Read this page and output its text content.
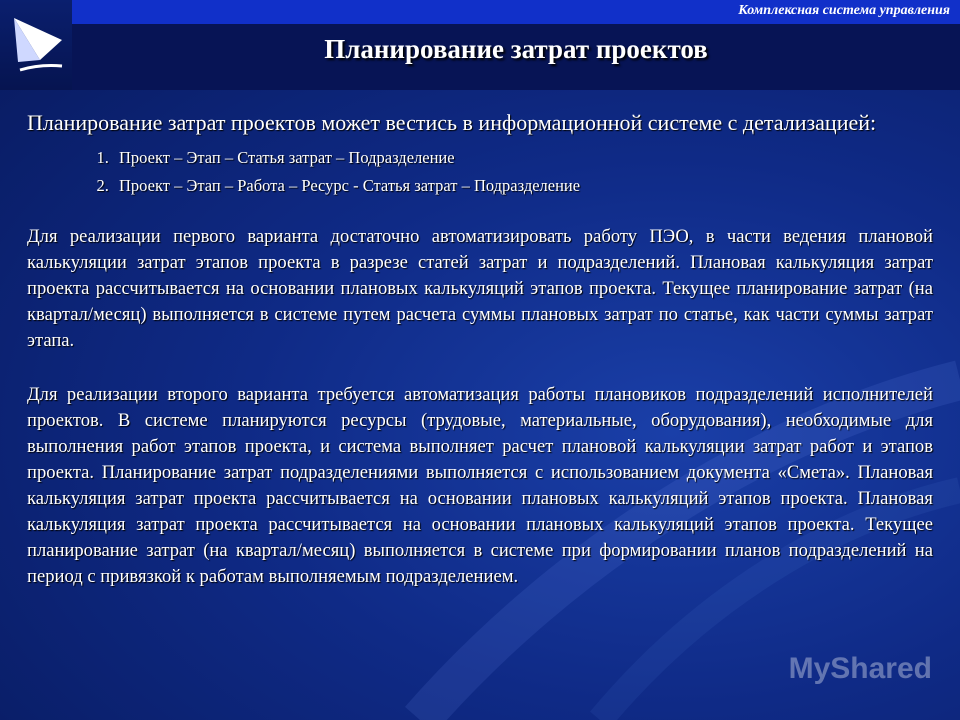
Комплексная система управления
Планирование затрат проектов

Планирование затрат проектов может вестись в информационной системе с детализацией:

1. Проект – Этап – Статья затрат – Подразделение
2. Проект – Этап – Работа – Ресурс - Статья затрат – Подразделение

Для реализации первого варианта достаточно автоматизировать работу ПЭО, в части ведения плановой калькуляции затрат этапов проекта в разрезе статей затрат и подразделений. Плановая калькуляция затрат проекта рассчитывается на основании плановых калькуляций этапов проекта. Текущее планирование затрат (на квартал/месяц) выполняется в системе путем расчета суммы плановых затрат по статье, как части суммы затрат этапа.

Для реализации второго варианта требуется автоматизация работы плановиков подразделений исполнителей проектов. В системе планируются ресурсы (трудовые, материальные, оборудования), необходимые для выполнения работ этапов проекта, и система выполняет расчет плановой калькуляции затрат работ и этапов проекта. Планирование затрат подразделениями выполняется с использованием документа «Смета». Плановая калькуляция затрат проекта рассчитывается на основании плановых калькуляций этапов проекта. Плановая калькуляция затрат проекта рассчитывается на основании плановых калькуляций этапов проекта. Текущее планирование затрат (на квартал/месяц) выполняется в системе при формировании планов подразделений на период с привязкой к работам выполняемым подразделением.

MyShared
